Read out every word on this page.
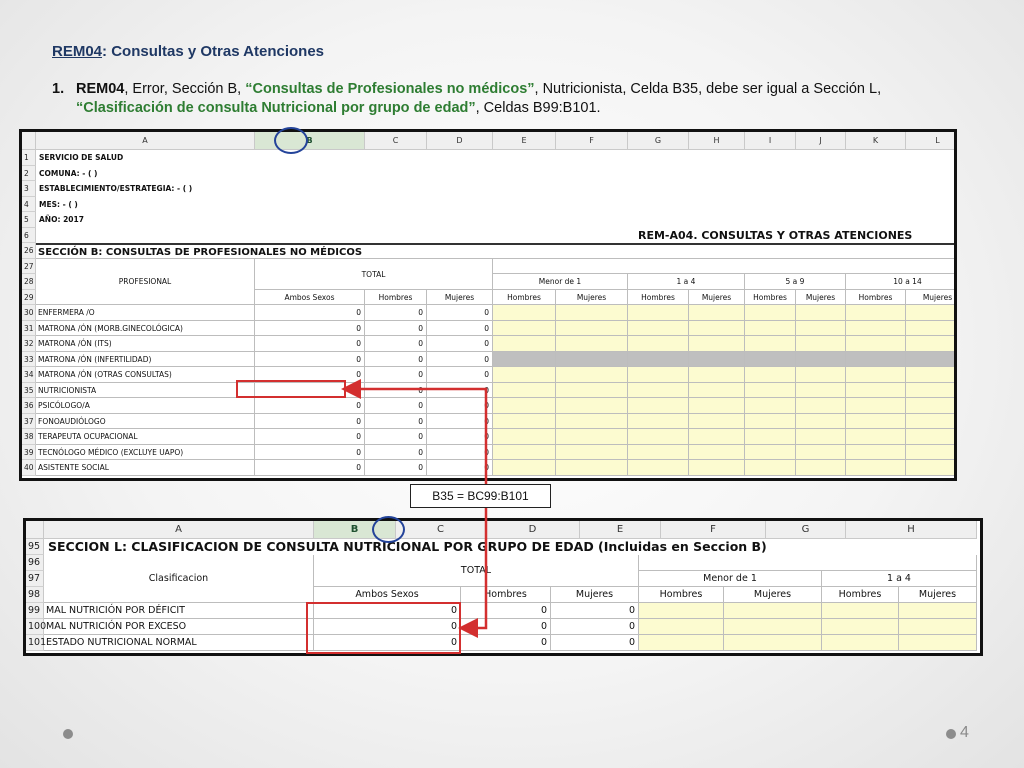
REM04: Consultas y Otras Atenciones
1. REM04, Error, Sección B, “Consultas de Profesionales no médicos”, Nutricionista, Celda B35, debe ser igual a Sección L, “Clasificación de consulta Nutricional por grupo de edad”, Celdas B99:B101.
A	B	C	D	E	F	G	H	I	J	K	L
1	SERVICIO DE SALUD
2	COMUNA: - ( )
3	ESTABLECIMIENTO/ESTRATEGIA: - ( )
4	MES: - ( )
5	AÑO: 2017
6	REM-A04. CONSULTAS Y OTRAS ATENCIONES
26 SECCIÓN B: CONSULTAS DE PROFESIONALES NO MÉDICOS
27
28
29
PROFESIONAL
TOTAL
Menor de 1	1 a 4	5 a 9	10 a 14
Ambos Sexos	Hombres	Mujeres	Hombres	Mujeres	Hombres	Mujeres	Hombres	Mujeres	Hombres	Mujeres
30 ENFERMERA /O	0	0	0
31 MATRONA /ÓN (MORB.GINECOLÓGICA)	0	0	0
32 MATRONA /ÓN (ITS)	0	0	0
33 MATRONA /ÓN (INFERTILIDAD)	0	0	0
34 MATRONA /ÓN (OTRAS CONSULTAS)	0	0	0
35 NUTRICIONISTA	0	0	0
36 PSICÓLOGO/A	0	0	0
37 FONOAUDIÓLOGO	0	0	0
38 TERAPEUTA OCUPACIONAL	0	0	0
39 TECNÓLOGO MÉDICO (EXCLUYE UAPO)	0	0	0
40 ASISTENTE SOCIAL	0	0	0
A	B	C	D	E	F	G	H
95 SECCION L: CLASIFICACION DE CONSULTA NUTRICIONAL POR GRUPO DE EDAD (Incluidas en Seccion B)
96
97
98
Clasificacion
TOTAL
Menor de 1	1 a 4
Ambos Sexos	Hombres	Mujeres	Hombres	Mujeres	Hombres	Mujeres
99 MAL NUTRICIÓN POR DÉFICIT	0	0	0
100 MAL NUTRICIÓN POR EXCESO	0	0	0
101 ESTADO NUTRICIONAL NORMAL	0	0	0
B35 = BC99:B101
4
